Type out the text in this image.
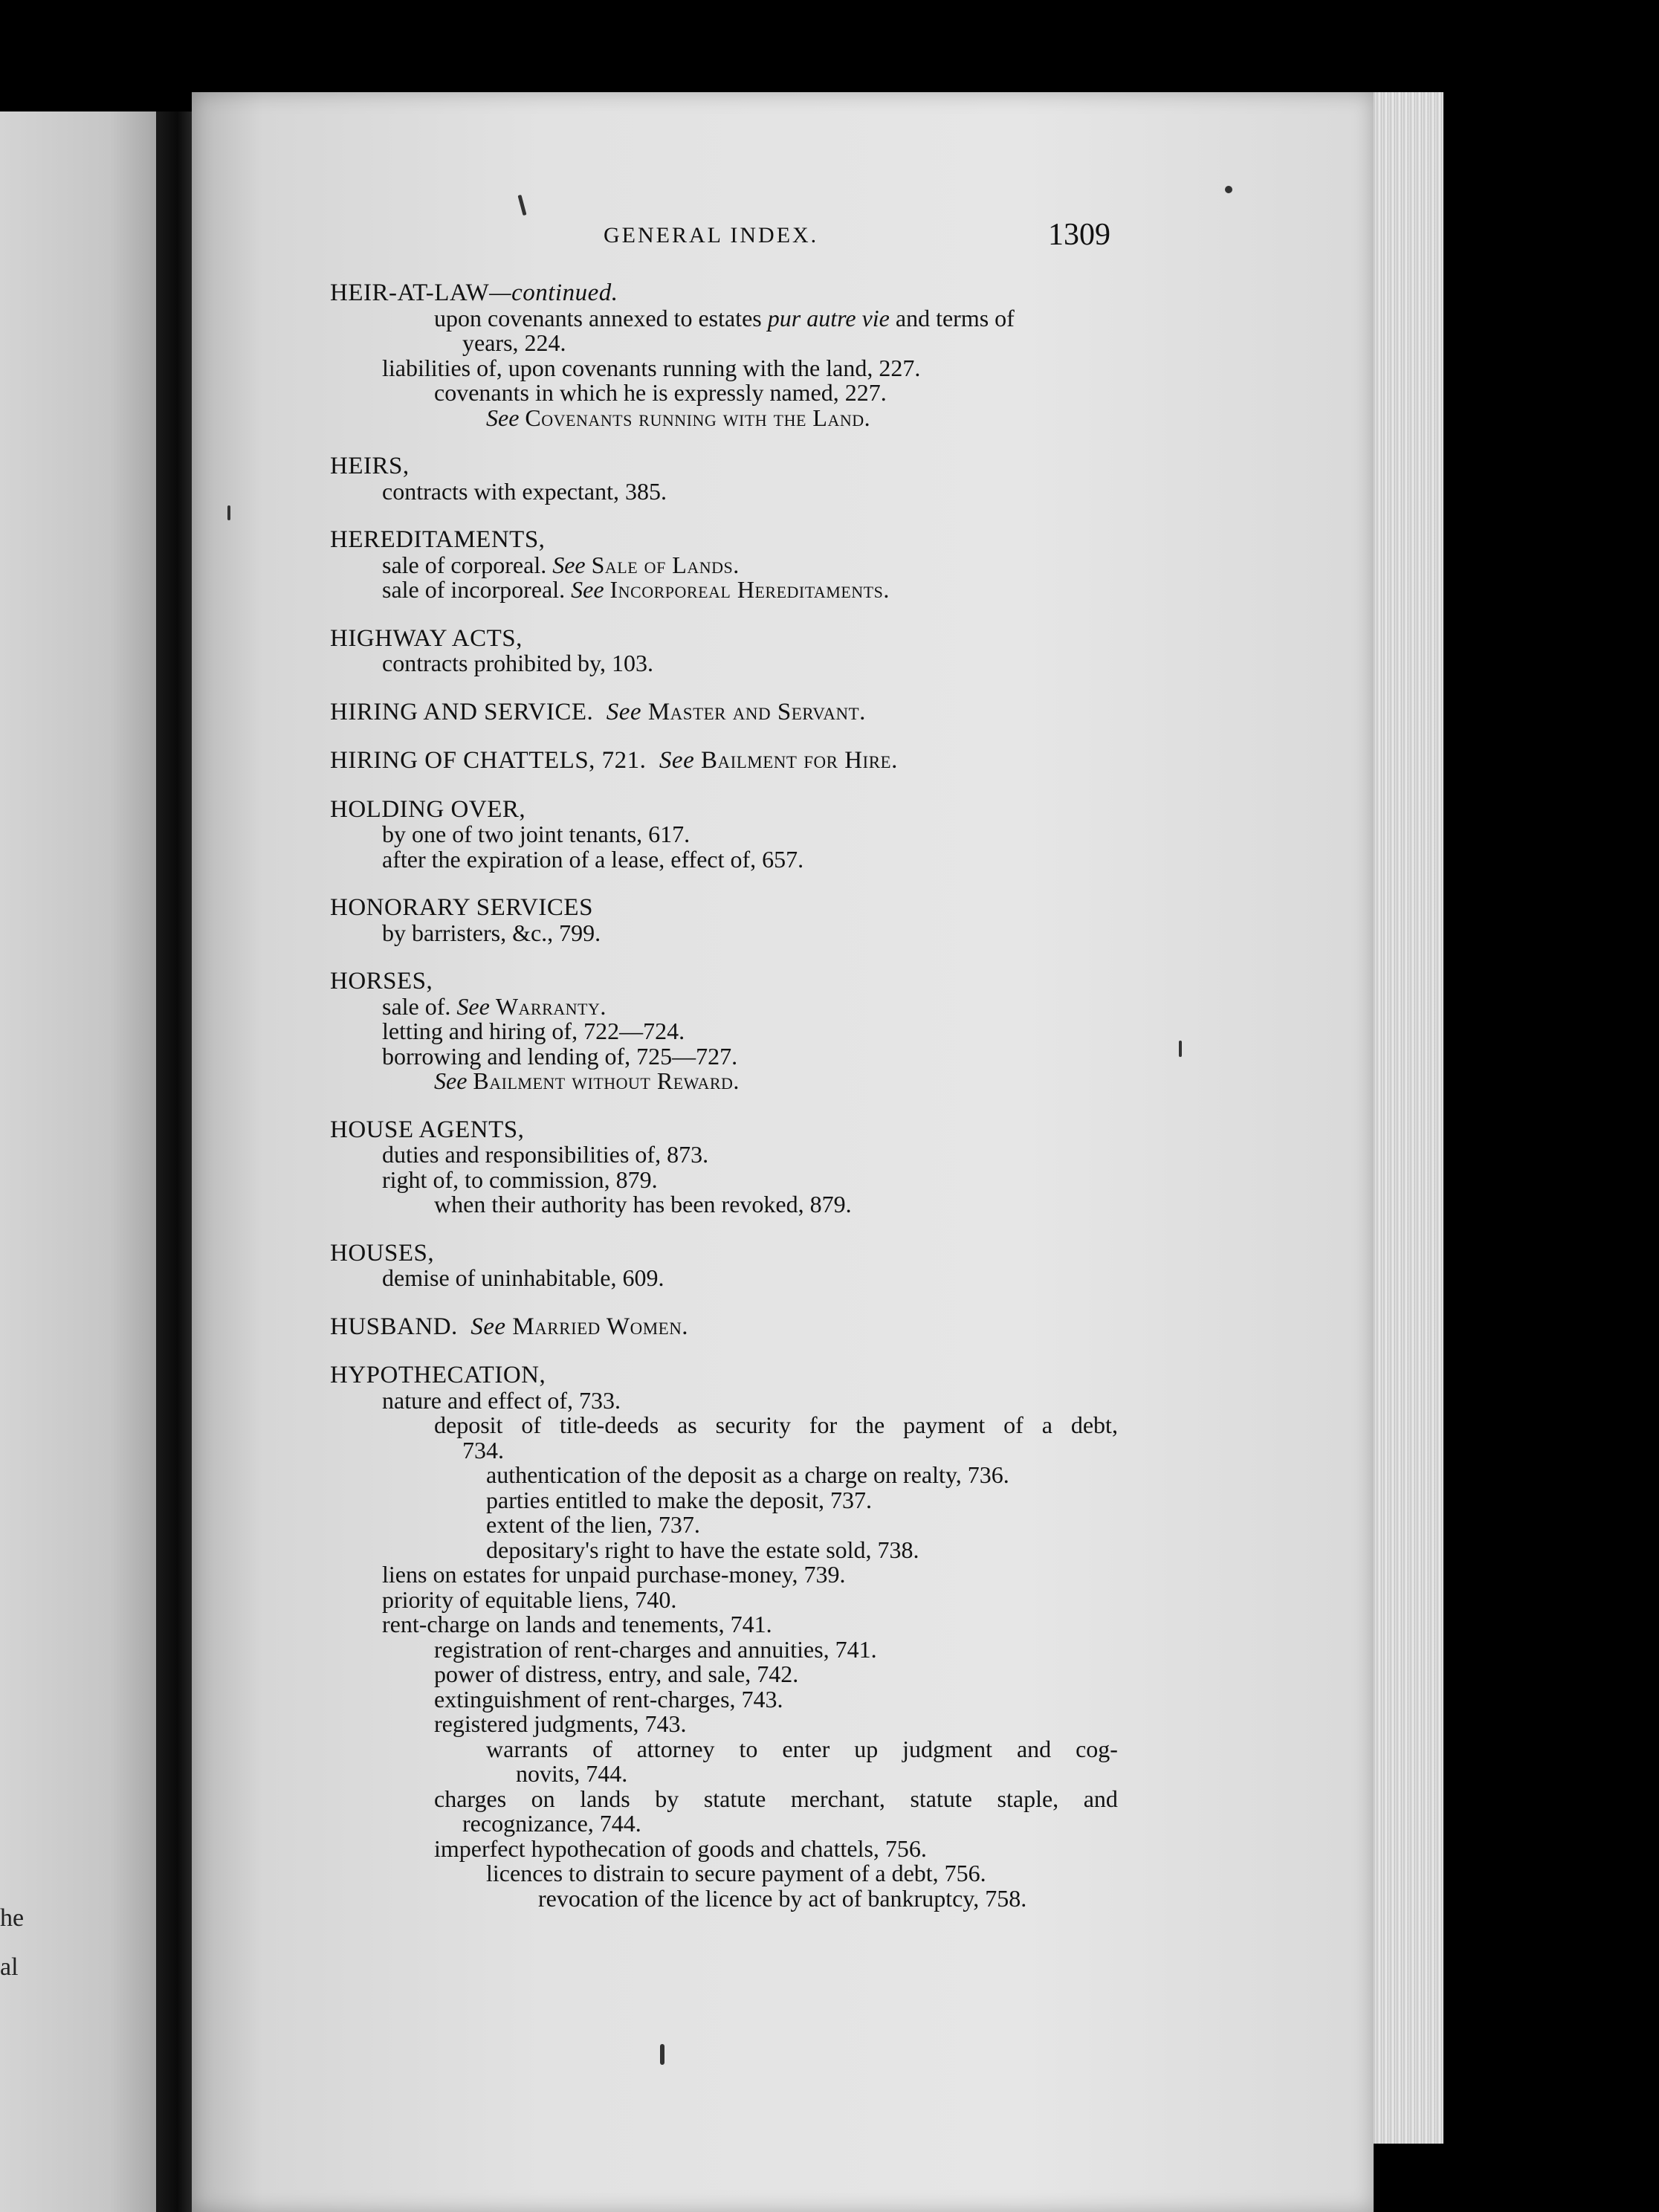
he
al
GENERAL INDEX.	1309
HEIR-AT-LAW—continued.
upon covenants annexed to estates pur autre vie and terms of
years, 224.
liabilities of, upon covenants running with the land, 227.
covenants in which he is expressly named, 227.
See Covenants running with the Land.
HEIRS,
contracts with expectant, 385.
HEREDITAMENTS,
sale of corporeal. See Sale of Lands.
sale of incorporeal. See Incorporeal Hereditaments.
HIGHWAY ACTS,
contracts prohibited by, 103.
HIRING AND SERVICE. See Master and Servant.
HIRING OF CHATTELS, 721. See Bailment for Hire.
HOLDING OVER,
by one of two joint tenants, 617.
after the expiration of a lease, effect of, 657.
HONORARY SERVICES
by barristers, &c., 799.
HORSES,
sale of. See Warranty.
letting and hiring of, 722—724.
borrowing and lending of, 725—727.
See Bailment without Reward.
HOUSE AGENTS,
duties and responsibilities of, 873.
right of, to commission, 879.
when their authority has been revoked, 879.
HOUSES,
demise of uninhabitable, 609.
HUSBAND. See Married Women.
HYPOTHECATION,
nature and effect of, 733.
deposit of title-deeds as security for the payment of a debt,
734.
authentication of the deposit as a charge on realty, 736.
parties entitled to make the deposit, 737.
extent of the lien, 737.
depositary's right to have the estate sold, 738.
liens on estates for unpaid purchase-money, 739.
priority of equitable liens, 740.
rent-charge on lands and tenements, 741.
registration of rent-charges and annuities, 741.
power of distress, entry, and sale, 742.
extinguishment of rent-charges, 743.
registered judgments, 743.
warrants of attorney to enter up judgment and cog-
novits, 744.
charges on lands by statute merchant, statute staple, and
recognizance, 744.
imperfect hypothecation of goods and chattels, 756.
licences to distrain to secure payment of a debt, 756.
revocation of the licence by act of bankruptcy, 758.
